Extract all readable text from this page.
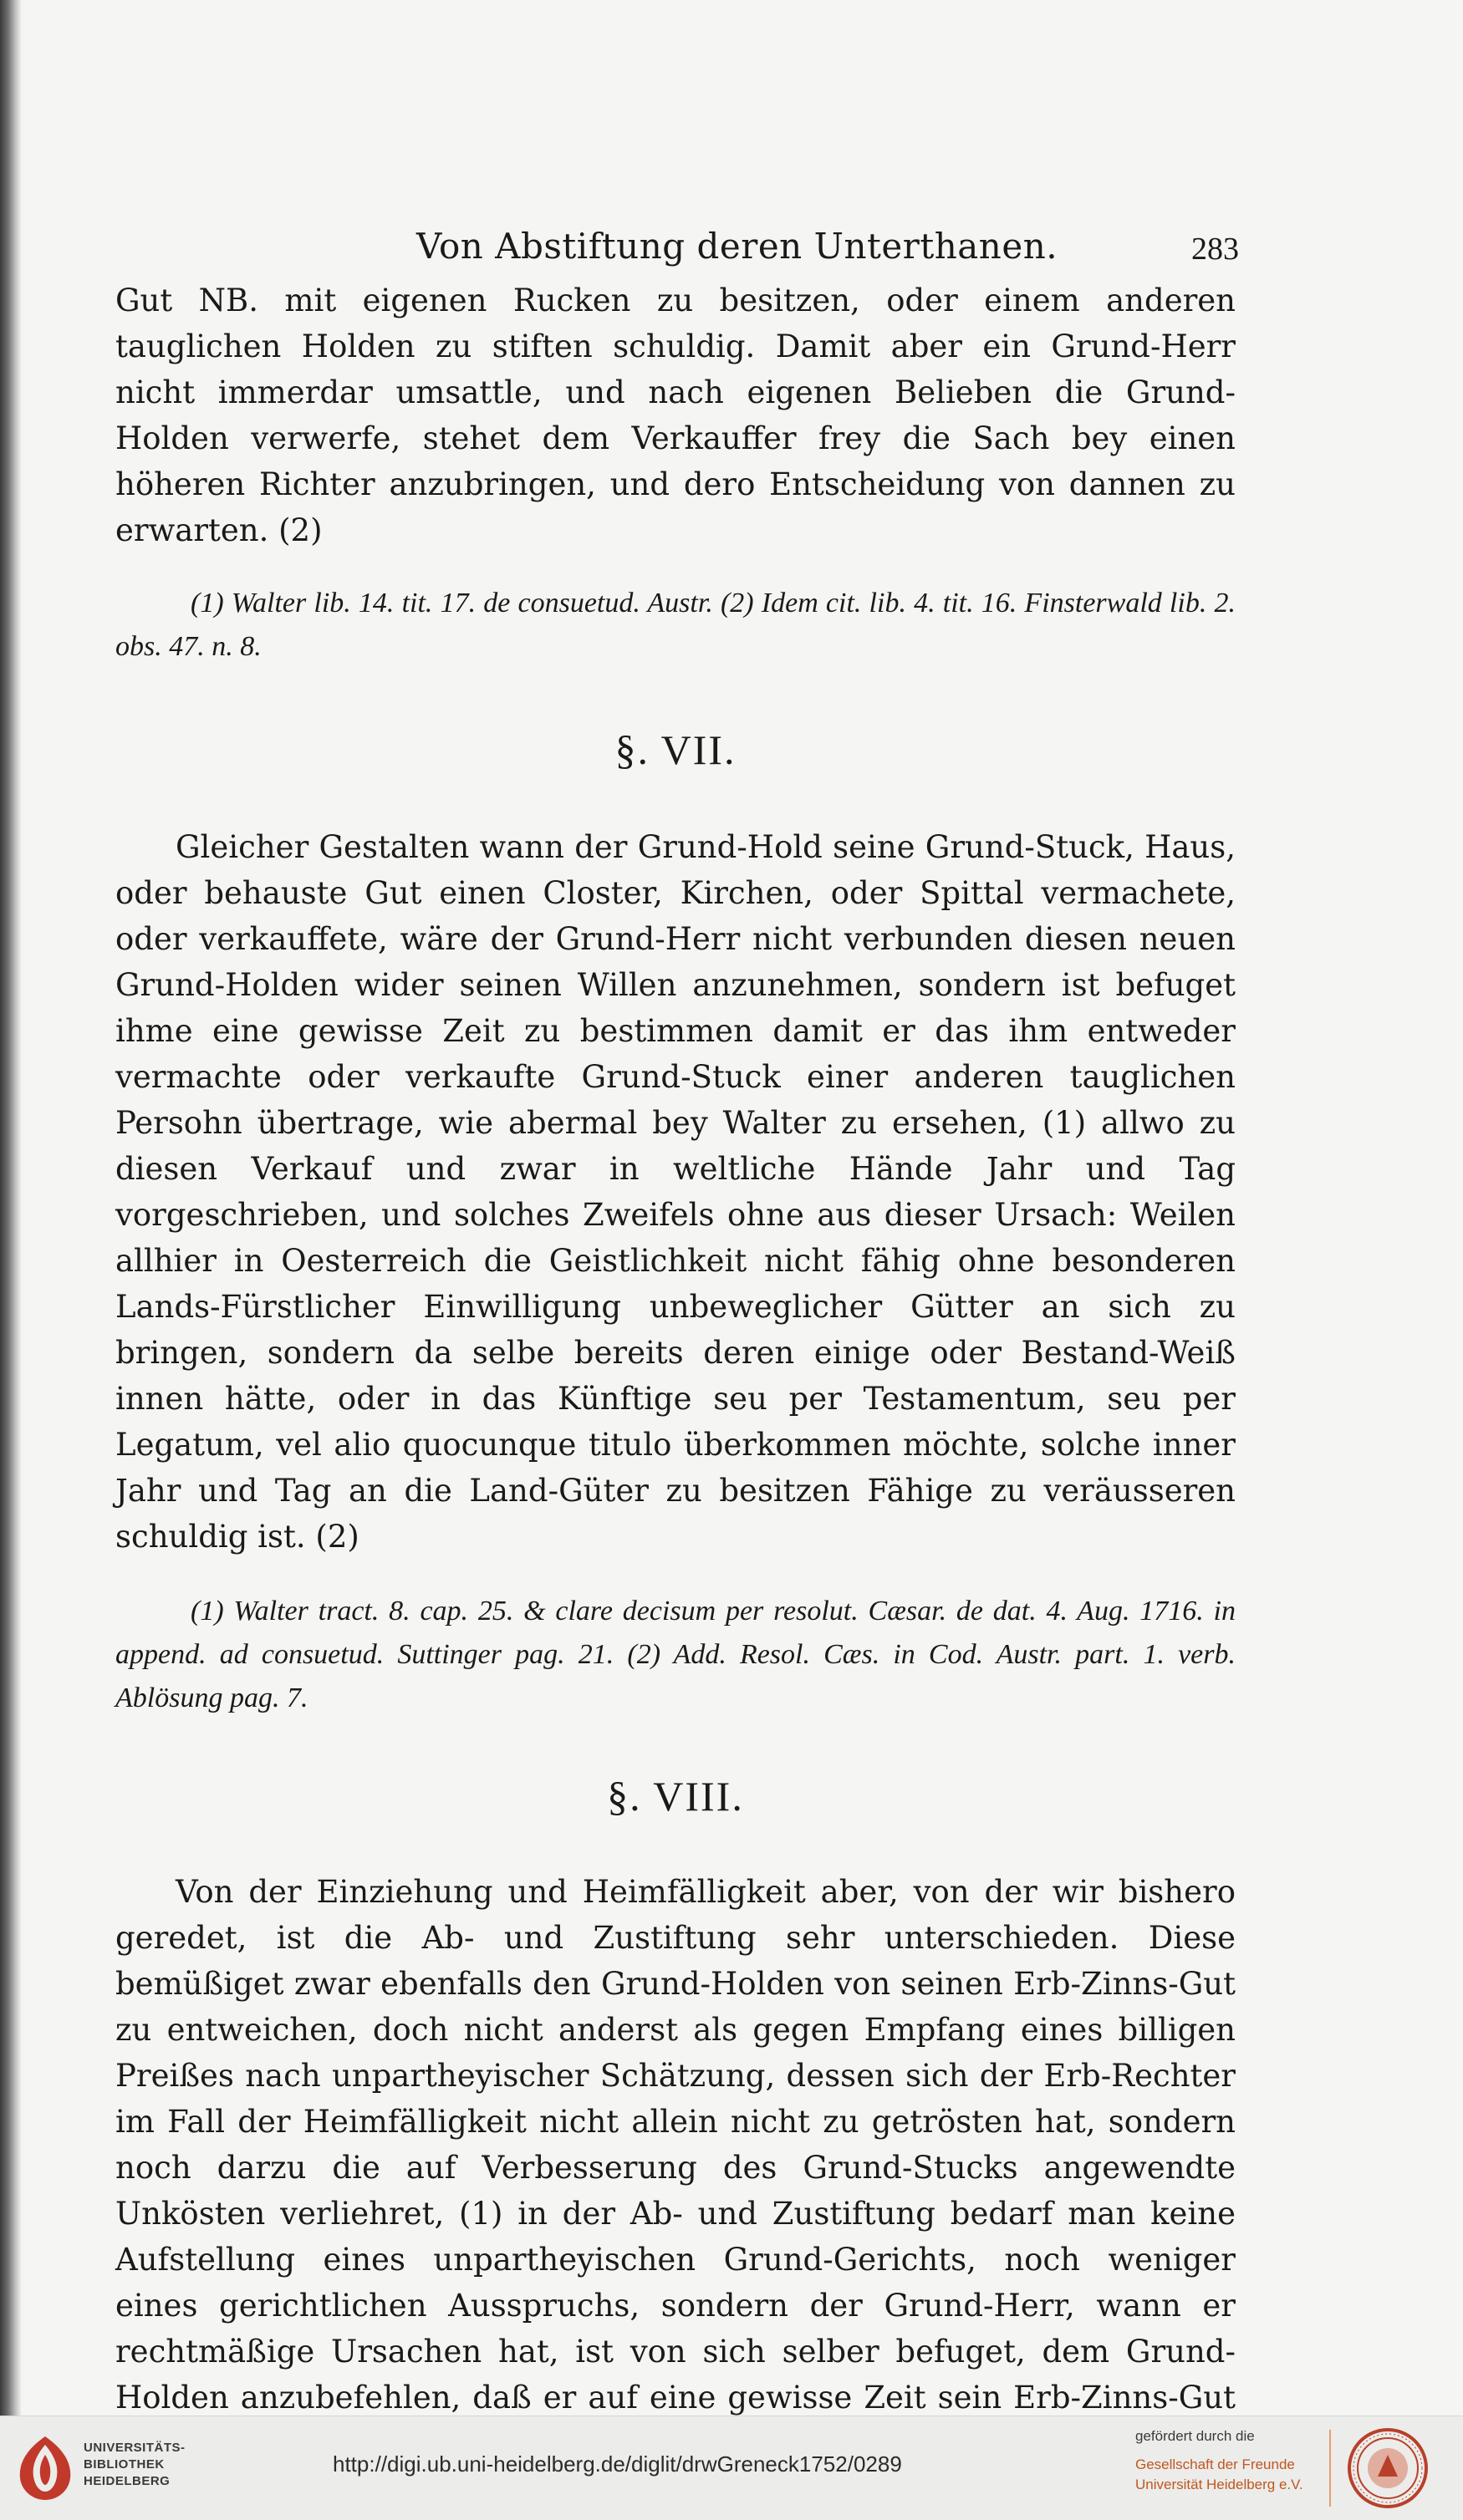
Von Abstiftung deren Unterthanen.	283

Gut NB. mit eigenen Rucken zu besitzen, oder einem anderen tauglichen Holden zu stiften schuldig. Damit aber ein Grund-Herr nicht immerdar umsattle, und nach eigenen Belieben die Grund-Holden verwerfe, stehet dem Verkauffer frey die Sach bey einen höheren Richter anzubringen, und dero Entscheidung von dannen zu erwarten. (2)

(1) Walter lib. 14. tit. 17. de consuetud. Austr. (2) Idem cit. lib. 4. tit. 16. Finsterwald lib. 2. obs. 47. n. 8.

§. VII.

Gleicher Gestalten wann der Grund-Hold seine Grund-Stuck, Haus, oder behauste Gut einen Closter, Kirchen, oder Spittal vermachete, oder verkauffete, wäre der Grund-Herr nicht verbunden diesen neuen Grund-Holden wider seinen Willen anzunehmen, sondern ist befuget ihme eine gewisse Zeit zu bestimmen damit er das ihm entweder vermachte oder verkaufte Grund-Stuck einer anderen tauglichen Persohn übertrage, wie abermal bey Walter zu ersehen, (1) allwo zu diesen Verkauf und zwar in weltliche Hände Jahr und Tag vorgeschrieben, und solches Zweifels ohne aus dieser Ursach: Weilen allhier in Oesterreich die Geistlichkeit nicht fähig ohne besonderen Lands-Fürstlicher Einwilligung unbeweglicher Gütter an sich zu bringen, sondern da selbe bereits deren einige oder Bestand-Weiß innen hätte, oder in das Künftige seu per Testamentum, seu per Legatum, vel alio quocunque titulo überkommen möchte, solche inner Jahr und Tag an die Land-Güter zu besitzen Fähige zu veräusseren schuldig ist. (2)

(1) Walter tract. 8. cap. 25. & clare decisum per resolut. Cæsar. de dat. 4. Aug. 1716. in append. ad consuetud. Suttinger pag. 21. (2) Add. Resol. Cæs. in Cod. Austr. part. 1. verb. Ablösung pag. 7.

§. VIII.

Von der Einziehung und Heimfälligkeit aber, von der wir bishero geredet, ist die Ab- und Zustiftung sehr unterschieden. Diese bemüßiget zwar ebenfalls den Grund-Holden von seinen Erb-Zinns-Gut zu entweichen, doch nicht anderst als gegen Empfang eines billigen Preißes nach unpartheyischer Schätzung, dessen sich der Erb-Rechter im Fall der Heimfälligkeit nicht allein nicht zu getrösten hat, sondern noch darzu die auf Verbesserung des Grund-Stucks angewendte Unkösten verliehret, (1) in der Ab- und Zustiftung bedarf man keine Aufstellung eines unpartheyischen Grund-Gerichts, noch weniger eines gerichtlichen Ausspruchs, sondern der Grund-Herr, wann er rechtmäßige Ursachen hat, ist von sich selber befuget, dem Grund-Holden anzubefehlen, daß er auf eine gewisse Zeit sein Erb-Zinns-Gut

UNIVERSITÄTS-
BIBLIOTHEK
HEIDELBERG
http://digi.ub.uni-heidelberg.de/diglit/drwGreneck1752/0289
gefördert durch die
Gesellschaft der Freunde
Universität Heidelberg e.V.
